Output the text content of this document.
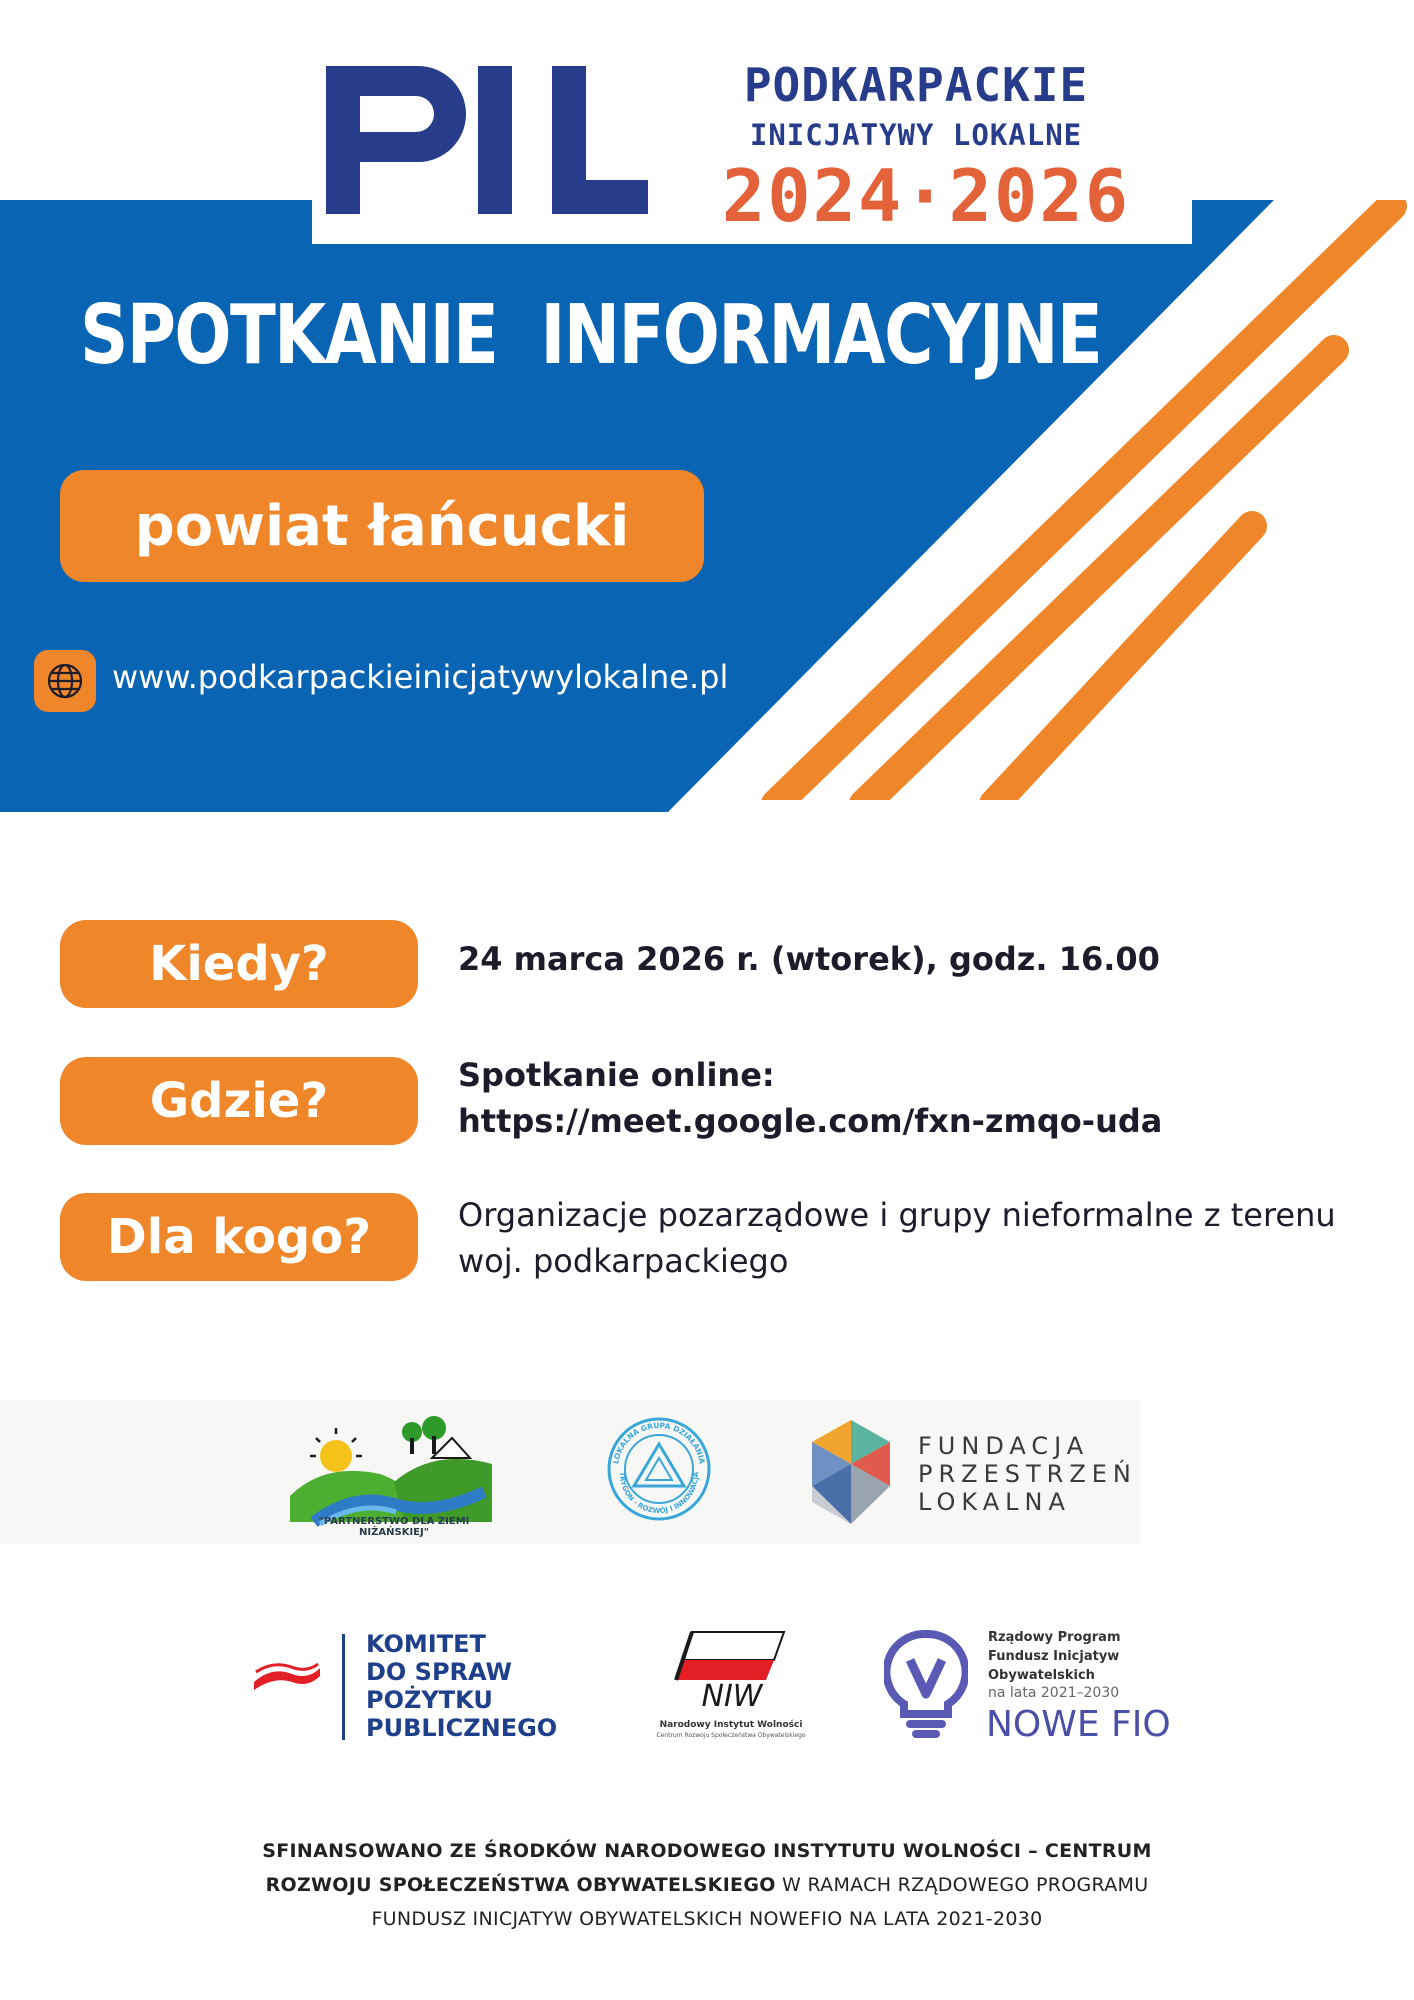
PODKARPACKIE
INICJATYWY LOKALNE
2024·2026
SPOTKANIE INFORMACYJNE
powiat łańcucki
www.podkarpackieinicjatywylokalne.pl
Kiedy?	24 marca 2026 r. (wtorek), godz. 16.00
Gdzie?	Spotkanie online:
https://meet.google.com/fxn-zmqo-uda
Dla kogo?	Organizacje pozarządowe i grupy nieformalne z terenu
woj. podkarpackiego
"PARTNERSTWO DLA ZIEMI NIŻAŃSKIEJ"
LOKALNA GRUPA DZIAŁANIA
TRYGON - ROZWÓJ I INNOWACJA
FUNDACJA
PRZESTRZEŃ
LOKALNA
KOMITET
DO SPRAW
POŻYTKU
PUBLICZNEGO
NIW
Narodowy Instytut Wolności
Centrum Rozwoju Społeczeństwa Obywatelskiego
Rządowy Program
Fundusz Inicjatyw
Obywatelskich
na lata 2021–2030
NOWE FIO
SFINANSOWANO ZE ŚRODKÓW NARODOWEGO INSTYTUTU WOLNOŚCI – CENTRUM
ROZWOJU SPOŁECZEŃSTWA OBYWATELSKIEGO W RAMACH RZĄDOWEGO PROGRAMU
FUNDUSZ INICJATYW OBYWATELSKICH NOWEFIO NA LATA 2021-2030
